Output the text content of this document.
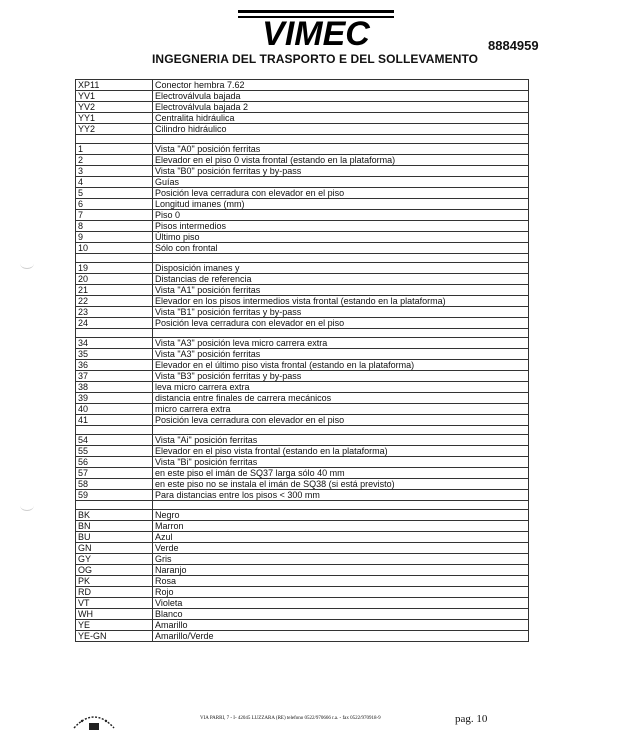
VIMEC	8884959
INGEGNERIA DEL TRASPORTO E DEL SOLLEVAMENTO
XP11	Conector hembra 7.62
YV1	Electroválvula bajada
YV2	Electroválvula bajada 2
YY1	Centralita hidráulica
YY2	Cilindro hidráulico

1	Vista "A0" posición ferritas
2	Elevador en el piso 0 vista frontal (estando en la plataforma)
3	Vista "B0" posición ferritas y by-pass
4	Guías
5	Posición leva cerradura con elevador en el piso
6	Longitud imanes (mm)
7	Piso 0
8	Pisos intermedios
9	Último piso
10	Sólo con frontal

19	Disposición imanes y
20	Distancias de referencia
21	Vista "A1" posición ferritas
22	Elevador en los pisos intermedios vista frontal (estando en la plataforma)
23	Vista "B1" posición ferritas y by-pass
24	Posición leva cerradura con elevador en el piso

34	Vista "A3" posición leva micro carrera extra
35	Vista "A3" posición ferritas
36	Elevador en el último piso vista frontal (estando en la plataforma)
37	Vista "B3" posición ferritas y by-pass
38	leva micro carrera extra
39	distancia entre finales de carrera mecánicos
40	micro carrera extra
41	Posición leva cerradura con elevador en el piso

54	Vista "Ai" posición ferritas
55	Elevador en el piso vista frontal (estando en la plataforma)
56	Vista "Bi" posición ferritas
57	en este piso el imán de SQ37 larga sólo 40 mm
58	en este piso no se instala el imán de SQ38 (si está previsto)
59	Para distancias entre los pisos < 300 mm

BK	Negro
BN	Marron
BU	Azul
GN	Verde
GY	Gris
OG	Naranjo
PK	Rosa
RD	Rojo
VT	Violeta
WH	Blanco
YE	Amarillo
YE-GN	Amarillo/Verde
VIA PARRI, 7 - I- 42045 LUZZARA (RE) telefono 0522/970666 r.a. - fax 0522/970918-9	pag. 10
